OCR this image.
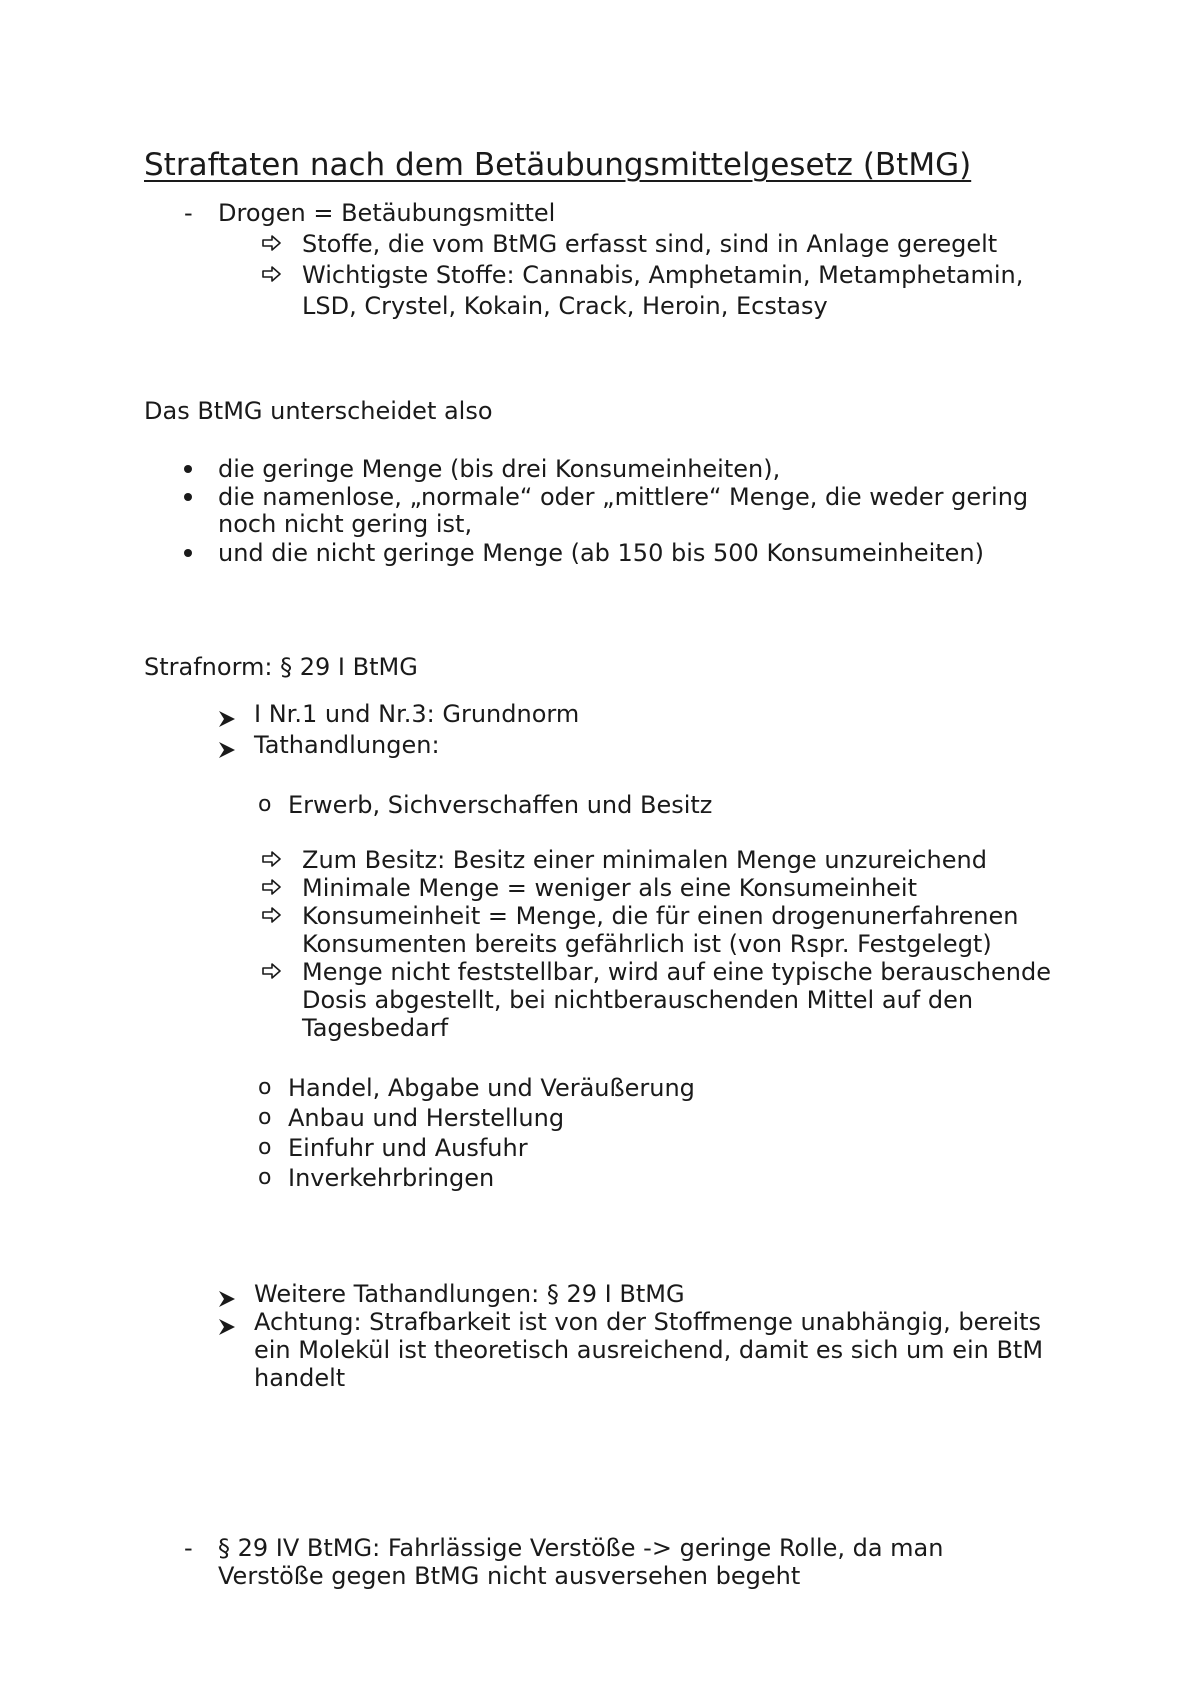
Straftaten nach dem Betäubungsmittelgesetz (BtMG)
- Drogen = Betäubungsmittel
Stoffe, die vom BtMG erfasst sind, sind in Anlage geregelt
Wichtigste Stoffe: Cannabis, Amphetamin, Metamphetamin,
LSD, Crystel, Kokain, Crack, Heroin, Ecstasy
Das BtMG unterscheidet also
die geringe Menge (bis drei Konsumeinheiten),
die namenlose, „normale“ oder „mittlere“ Menge, die weder gering
noch nicht gering ist,
und die nicht geringe Menge (ab 150 bis 500 Konsumeinheiten)
Strafnorm: § 29 I BtMG
I Nr.1 und Nr.3: Grundnorm
Tathandlungen:
o Erwerb, Sichverschaffen und Besitz
Zum Besitz: Besitz einer minimalen Menge unzureichend
Minimale Menge = weniger als eine Konsumeinheit
Konsumeinheit = Menge, die für einen drogenunerfahrenen
Konsumenten bereits gefährlich ist (von Rspr. Festgelegt)
Menge nicht feststellbar, wird auf eine typische berauschende
Dosis abgestellt, bei nichtberauschenden Mittel auf den
Tagesbedarf
o Handel, Abgabe und Veräußerung
o Anbau und Herstellung
o Einfuhr und Ausfuhr
o Inverkehrbringen
Weitere Tathandlungen: § 29 I BtMG
Achtung: Strafbarkeit ist von der Stoffmenge unabhängig, bereits
ein Molekül ist theoretisch ausreichend, damit es sich um ein BtM
handelt
- § 29 IV BtMG: Fahrlässige Verstöße -> geringe Rolle, da man
Verstöße gegen BtMG nicht ausversehen begeht
